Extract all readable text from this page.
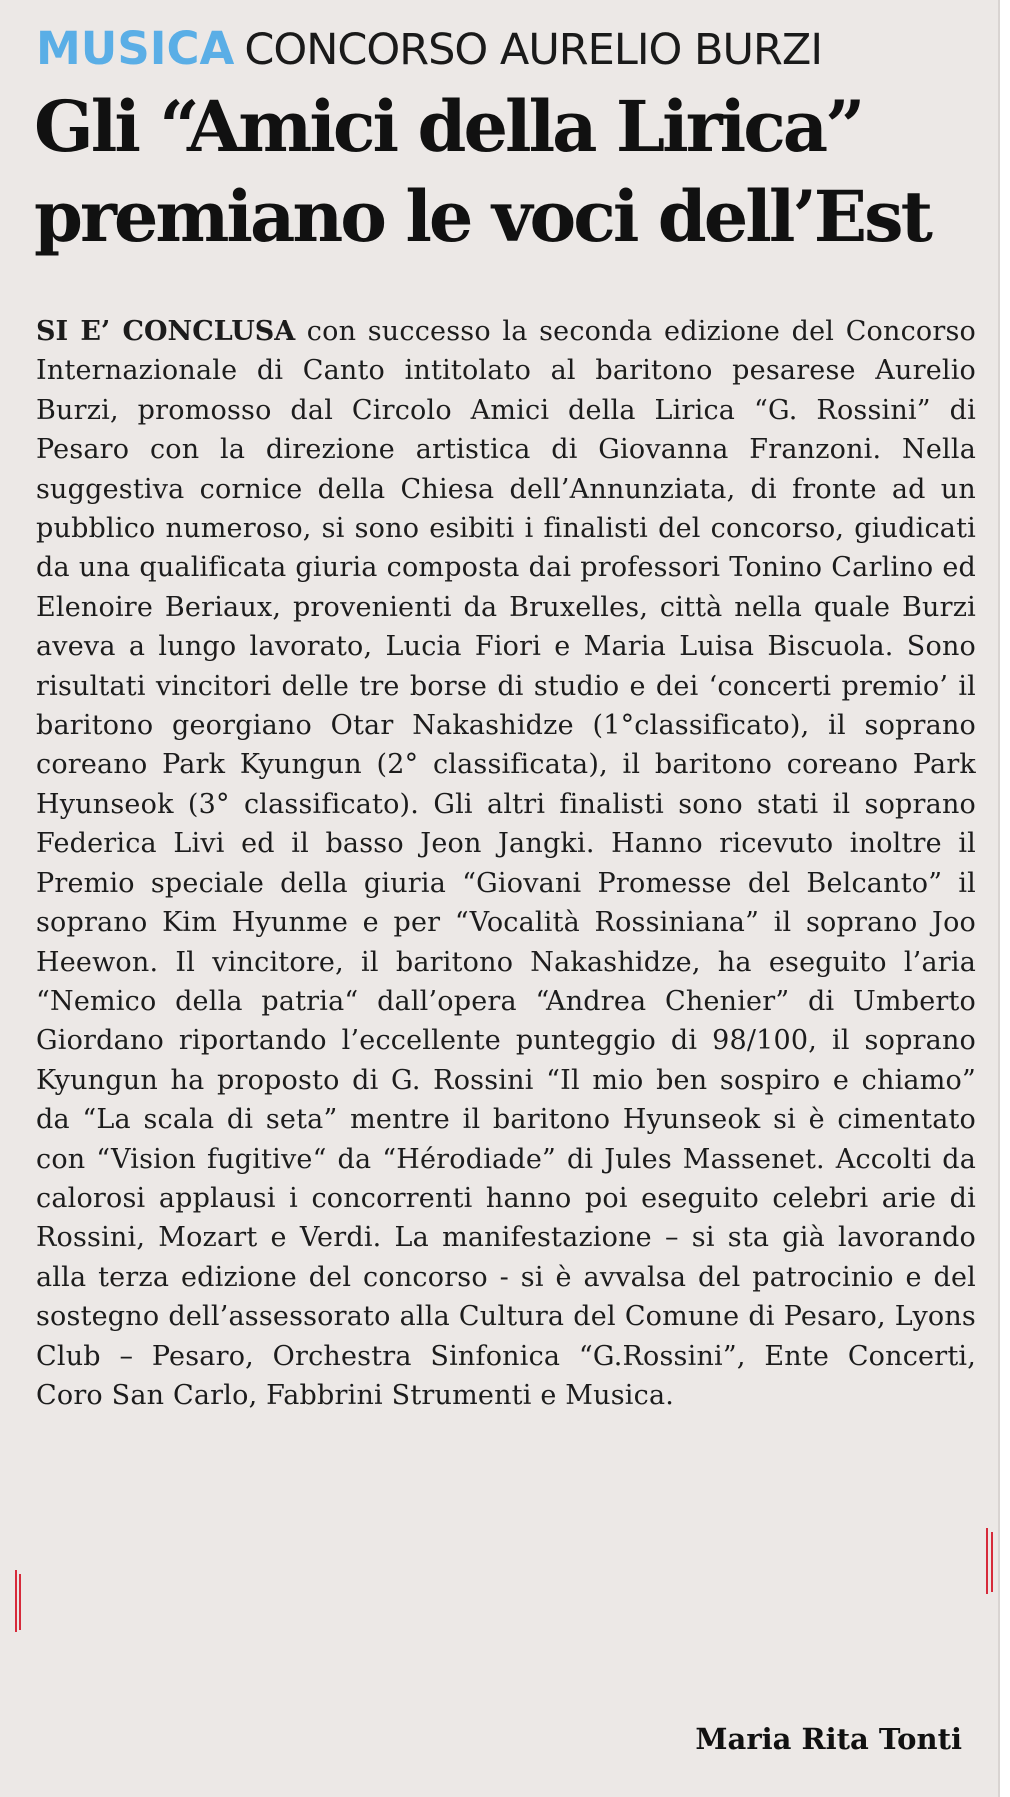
MUSICA CONCORSO AURELIO BURZI
Gli “Amici della Lirica”
premiano le voci dell’Est

SI E’ CONCLUSA con successo la seconda edizione del Concorso Internazionale di Canto intitolato al baritono pesarese Aurelio Burzi, promosso dal Circolo Amici della Lirica “G. Rossini” di Pesaro con la direzione artistica di Giovanna Franzoni. Nella suggestiva cornice della Chiesa dell’Annunziata, di fronte ad un pubblico numeroso, si sono esibiti i finalisti del concorso, giudicati da una qualificata giuria composta dai professori Tonino Carlino ed Elenoire Beriaux, provenienti da Bruxelles, città nella quale Burzi aveva a lungo lavorato, Lucia Fiori e Maria Luisa Biscuola. Sono risultati vincitori delle tre borse di studio e dei ‘concerti premio’ il baritono georgiano Otar Nakashidze (1°classificato), il soprano coreano Park Kyungun (2° classificata), il baritono coreano Park Hyunseok (3° classificato). Gli altri finalisti sono stati il soprano Federica Livi ed il basso Jeon Jangki. Hanno ricevuto inoltre il Premio speciale della giuria “Giovani Promesse del Belcanto” il soprano Kim Hyunme e per “Vocalità Rossiniana” il soprano Joo Heewon. Il vincitore, il baritono Nakashidze, ha eseguito l’aria “Nemico della patria“ dall’opera “Andrea Chenier” di Umberto Giordano riportando l’eccellente punteggio di 98/100, il soprano Kyungun ha proposto di G. Rossini “Il mio ben sospiro e chiamo” da “La scala di seta” mentre il baritono Hyunseok si è cimentato con “Vision fugitive“ da “Hérodiade” di Jules Massenet. Accolti da calorosi applausi i concorrenti hanno poi eseguito celebri arie di Rossini, Mozart e Verdi. La manifestazione – si sta già lavorando alla terza edizione del concorso - si è avvalsa del patrocinio e del sostegno dell’assessorato alla Cultura del Comune di Pesaro, Lyons Club – Pesaro, Orchestra Sinfonica “G.Rossini”, Ente Concerti, Coro San Carlo, Fabbrini Strumenti e Musica.

Maria Rita Tonti
